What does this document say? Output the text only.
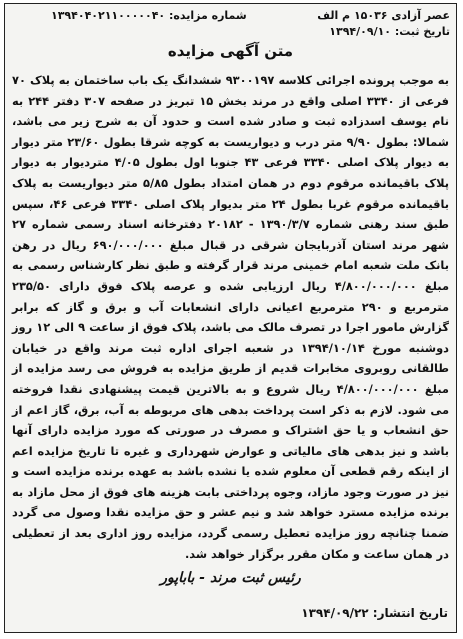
عصر آزادی ۱۵۰۳۶ م الف
تاریخ ثبت: ۱۳۹۴/۰۹/۱۰
شماره مزایده: ۱۳۹۴۰۴۰۲۱۱۰۰۰۰۰۴۰
متن آگهی مزایده
به موجب پرونده اجرائی کلاسه ۹۳۰۰۱۹۷ ششدانگ یک باب ساختمان به پلاک ۷۰ فرعی از ۳۳۴۰ اصلی واقع در مرند بخش ۱۵ تبریز در صفحه ۳۰۷ دفتر ۲۴۴ به نام یوسف اسدزاده ثبت و صادر شده است و حدود آن به شرح زیر می باشد، شمالا: بطول ۹/۹۰ متر درب و دیواریست به کوچه شرقا بطول ۲۳/۶۰ متر دیوار به دیوار پلاک اصلی ۳۳۴۰ فرعی ۴۳ جنوبا اول بطول ۴/۰۵ متردیوار به دیوار پلاک باقیمانده مرقوم دوم در همان امتداد بطول ۵/۸۵ متر دیواریست به پلاک باقیمانده مرقوم غربا بطول ۲۴ متر بدیوار پلاک اصلی ۳۳۴۰ فرعی ۴۶، سپس طبق سند رهنی شماره ۱۳۹۰/۳/۷ - ۲۰۱۸۲ دفترخانه اسناد رسمی شماره ۲۷ شهر مرند استان آذربایجان شرقی در قبال مبلغ ۶۹۰/۰۰۰/۰۰۰ ریال در رهن بانک ملت شعبه امام خمینی مرند قرار گرفته و طبق نظر کارشناس رسمی به مبلغ ۴/۸۰۰/۰۰۰/۰۰۰ ریال ارزیابی شده و عرصه پلاک فوق دارای ۲۳۵/۵۰ مترمربع و ۲۹۰ مترمربع اعیانی دارای انشعابات آب و برق و گاز که برابر گزارش مامور اجرا در تصرف مالک می باشد، پلاک فوق از ساعت ۹ الی ۱۲ روز دوشنبه مورخ ۱۳۹۴/۱۰/۱۴ در شعبه اجرای اداره ثبت مرند واقع در خیابان طالقانی روبروی مخابرات قدیم از طریق مزایده به فروش می رسد مزایده از مبلغ ۴/۸۰۰/۰۰۰/۰۰۰ ریال شروع و به بالاترین قیمت پیشنهادی نقدا فروخته می شود. لازم به ذکر است پرداخت بدهی های مربوطه به آب، برق، گاز اعم از حق انشعاب و یا حق اشتراک و مصرف در صورتی که مورد مزایده دارای آنها باشد و نیز بدهی های مالیاتی و عوارض شهرداری و غیره تا تاریخ مزایده اعم از اینکه رقم قطعی آن معلوم شده یا نشده باشد به عهده برنده مزایده است و نیز در صورت وجود مازاد، وجوه پرداختی بابت هزینه های فوق از محل مازاد به برنده مزایده مسترد خواهد شد و نیم عشر و حق مزایده نقدا وصول می گردد ضمنا چنانچه روز مزایده تعطیل رسمی گردد، مزایده روز اداری بعد از تعطیلی در همان ساعت و مکان مقرر برگزار خواهد شد.
رئیس ثبت مرند - باباپور
تاریخ انتشار: ۱۳۹۴/۰۹/۲۲
